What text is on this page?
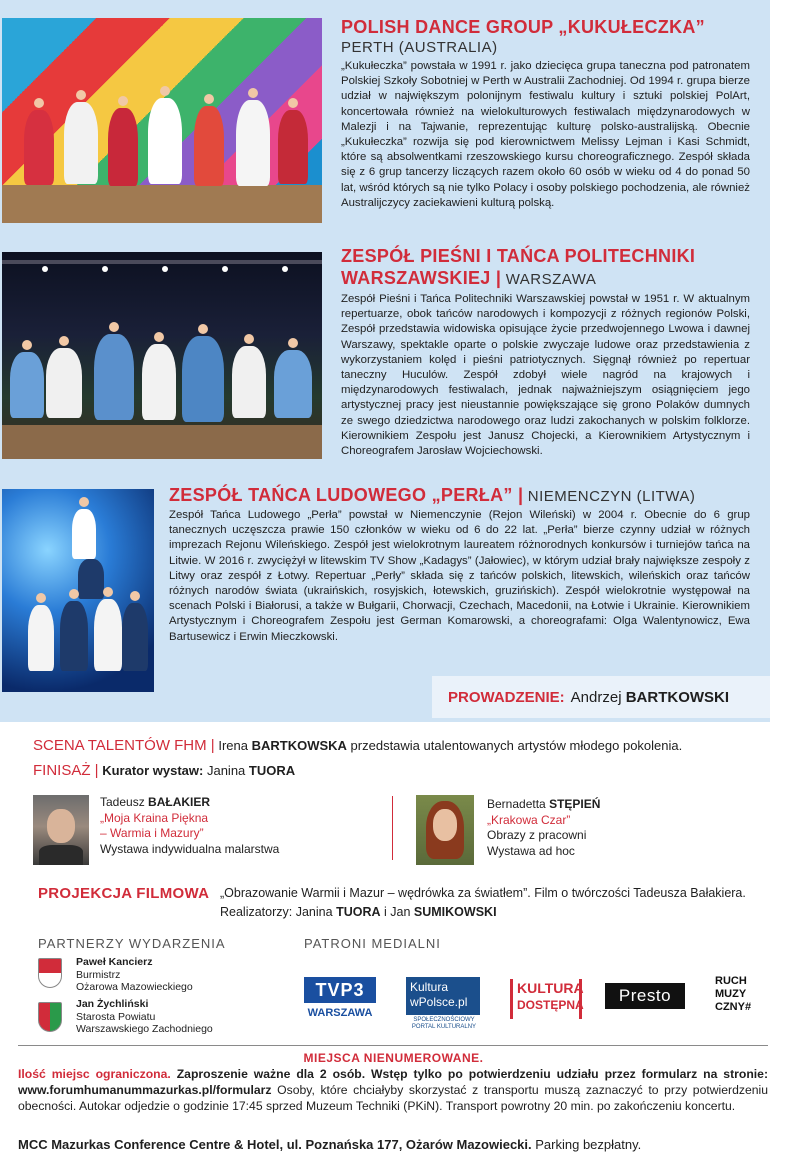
POLISH DANCE GROUP „KUKUŁECZKA”
PERTH (AUSTRALIA)
„Kukułeczka” powstała w 1991 r. jako dziecięca grupa taneczna pod patronatem Polskiej Szkoły Sobotniej w Perth w Australii Zachodniej. Od 1994 r. grupa bierze udział w największym polonijnym festiwalu kultury i sztuki polskiej PolArt, koncertowała również na wielokulturowych festiwalach międzynarodowych w Malezji i na Tajwanie, reprezentując kulturę polsko-australijską. Obecnie „Kukułeczka” rozwija się pod kierownictwem Melissy Lejman i Kasi Schmidt, które są absolwentkami rzeszowskiego kursu choreograficznego. Zespół składa się z 6 grup tancerzy liczących razem około 60 osób w wieku od 4 do ponad 50 lat, wśród których są nie tylko Polacy i osoby polskiego pochodzenia, ale również Australijczycy zaciekawieni kulturą polską.
ZESPÓŁ PIEŚNI I TAŃCA POLITECHNIKI
WARSZAWSKIEJ | WARSZAWA
Zespół Pieśni i Tańca Politechniki Warszawskiej powstał w 1951 r. W aktualnym repertuarze, obok tańców narodowych i kompozycji z różnych regionów Polski, Zespół przedstawia widowiska opisujące życie przedwojennego Lwowa i dawnej Warszawy, spektakle oparte o polskie zwyczaje ludowe oraz przedstawienia z wykorzystaniem kolęd i pieśni patriotycznych. Sięgnął również po repertuar taneczny Huculów. Zespół zdobył wiele nagród na krajowych i międzynarodowych festiwalach, jednak najważniejszym osiągnięciem jego artystycznej pracy jest nieustannie powiększające się grono Polaków dumnych ze swego dziedzictwa narodowego oraz ludzi zakochanych w polskim folklorze. Kierownikiem Zespołu jest Janusz Chojecki, a Kierownikiem Artystycznym i Choreografem Jarosław Wojciechowski.
ZESPÓŁ TAŃCA LUDOWEGO „PERŁA” | NIEMENCZYN (LITWA)
Zespół Tańca Ludowego „Perła” powstał w Niemenczynie (Rejon Wileński) w 2004 r. Obecnie do 6 grup tanecznych uczęszcza prawie 150 członków w wieku od 6 do 22 lat. „Perła” bierze czynny udział w różnych imprezach Rejonu Wileńskiego. Zespół jest wielokrotnym laureatem różnorodnych konkursów i turniejów tańca na Litwie. W 2016 r. zwyciężył w litewskim TV Show „Kadagys” (Jałowiec), w którym udział brały największe zespoły z Litwy oraz zespół z Łotwy. Repertuar „Perły” składa się z tańców polskich, litewskich, wileńskich oraz tańców różnych narodów świata (ukraińskich, rosyjskich, łotewskich, gruzińskich). Zespół wielokrotnie występował na scenach Polski i Białorusi, a także w Bułgarii, Chorwacji, Czechach, Macedonii, na Łotwie i Ukrainie. Kierownikiem Artystycznym i Choreografem Zespołu jest German Komarowski, a choreografami: Olga Walentynowicz, Ewa Bartusewicz i Erwin Mieczkowski.
PROWADZENIE: Andrzej
BARTKOWSKI
SCENA TALENTÓW FHM | Irena BARTKOWSKA przedstawia utalentowanych artystów młodego pokolenia.
FINISAŻ | Kurator wystaw: Janina TUORA
Tadeusz BAŁAKIER
„Moja Kraina Piękna
– Warmia i Mazury”
Wystawa indywidualna malarstwa
Bernadetta STĘPIEŃ
„Krakowa Czar”
Obrazy z pracowni
Wystawa ad hoc
PROJEKCJA FILMOWA „Obrazowanie Warmii i Mazur – wędrówka za światłem”. Film o twórczości Tadeusza Bałakiera.
Realizatorzy: Janina TUORA i Jan SUMIKOWSKI
PARTNERZY WYDARZENIA
Paweł Kancierz
Burmistrz
Ożarowa Mazowieckiego
Jan Żychliński
Starosta Powiatu
Warszawskiego Zachodniego
PATRONI MEDIALNI
TVP3
WARSZAWA
Kultura
wPolsce.pl
SPOŁECZNOŚCIOWY PORTAL KULTURALNY
KULTURA
DOSTĘPNA	Presto
RUCH
MUZY
CZNY#
MIEJSCA NIENUMEROWANE.
Ilość miejsc ograniczona. Zaproszenie ważne dla 2 osób. Wstęp tylko po potwierdzeniu udziału przez formularz na stronie: www.forumhumanummazurkas.pl/formularz Osoby, które chciałyby skorzystać z transportu muszą zaznaczyć to przy potwierdzeniu obecności. Autokar odjedzie o godzinie 17:45 sprzed Muzeum Techniki (PKiN). Transport powrotny 20 min. po zakończeniu koncertu.
MCC Mazurkas Conference Centre & Hotel, ul. Poznańska 177, Ożarów Mazowiecki. Parking bezpłatny.
